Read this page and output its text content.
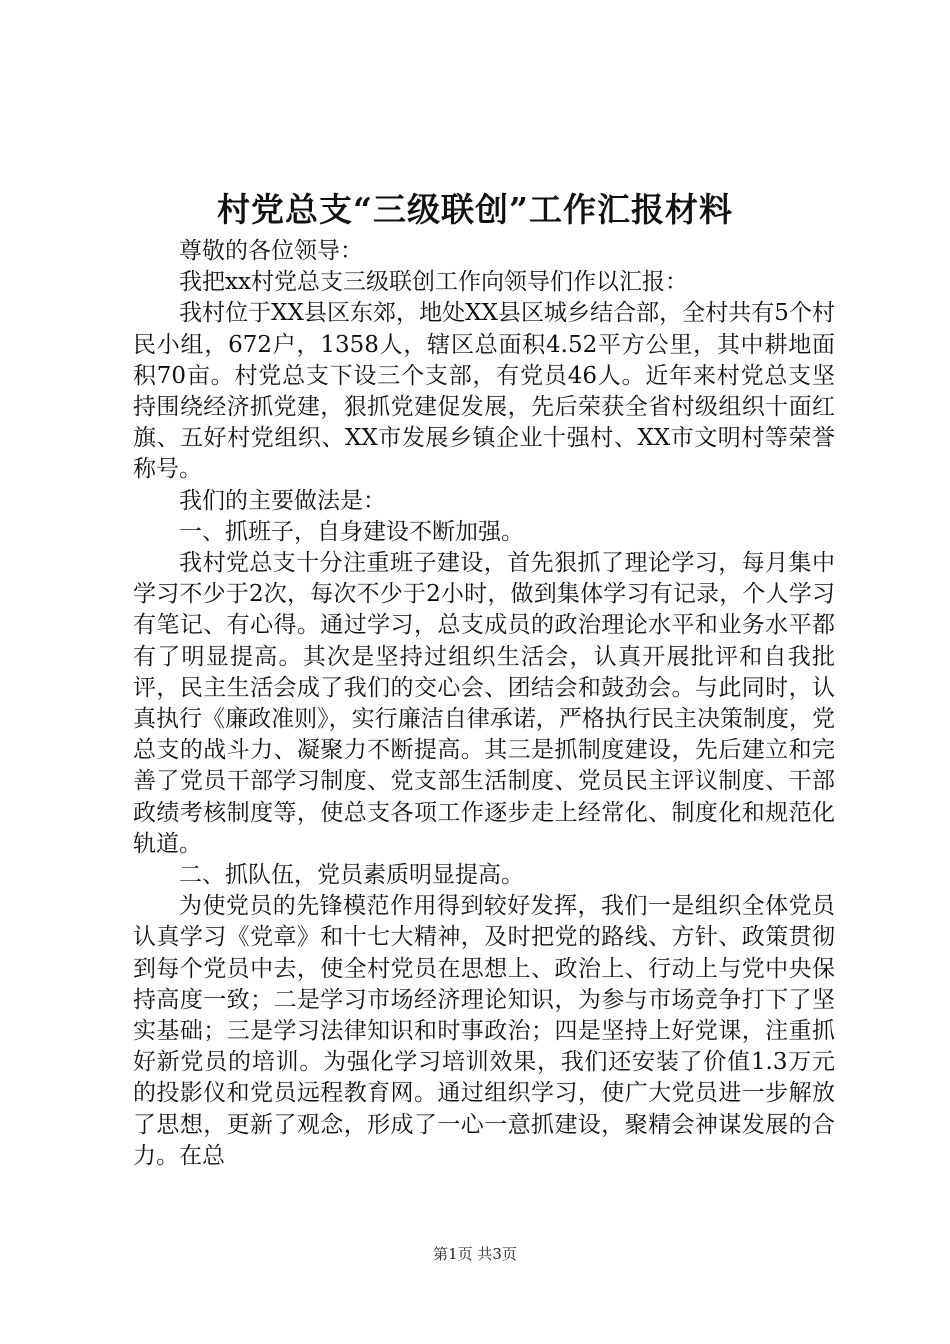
村党总支“三级联创”工作汇报材料

尊敬的各位领导：

我把xx村党总支三级联创工作向领导们作以汇报：

我村位于XX县区东郊，地处XX县区城乡结合部，全村共有5个村民小组，672户，1358人，辖区总面积4.52平方公里，其中耕地面积70亩。村党总支下设三个支部，有党员46人。近年来村党总支坚持围绕经济抓党建，狠抓党建促发展，先后荣获全省村级组织十面红旗、五好村党组织、XX市发展乡镇企业十强村、XX市文明村等荣誉称号。

我们的主要做法是：

一、抓班子，自身建设不断加强。

我村党总支十分注重班子建设，首先狠抓了理论学习，每月集中学习不少于2次，每次不少于2小时，做到集体学习有记录，个人学习有笔记、有心得。通过学习，总支成员的政治理论水平和业务水平都有了明显提高。其次是坚持过组织生活会，认真开展批评和自我批评，民主生活会成了我们的交心会、团结会和鼓劲会。与此同时，认真执行《廉政准则》，实行廉洁自律承诺，严格执行民主决策制度，党总支的战斗力、凝聚力不断提高。其三是抓制度建设，先后建立和完善了党员干部学习制度、党支部生活制度、党员民主评议制度、干部政绩考核制度等，使总支各项工作逐步走上经常化、制度化和规范化轨道。

二、抓队伍，党员素质明显提高。

为使党员的先锋模范作用得到较好发挥，我们一是组织全体党员认真学习《党章》和十七大精神，及时把党的路线、方针、政策贯彻到每个党员中去，使全村党员在思想上、政治上、行动上与党中央保持高度一致；二是学习市场经济理论知识，为参与市场竞争打下了坚实基础；三是学习法律知识和时事政治；四是坚持上好党课，注重抓好新党员的培训。为强化学习培训效果，我们还安装了价值1.3万元的投影仪和党员远程教育网。通过组织学习，使广大党员进一步解放了思想，更新了观念，形成了一心一意抓建设，聚精会神谋发展的合力。在总

第1页 共3页
